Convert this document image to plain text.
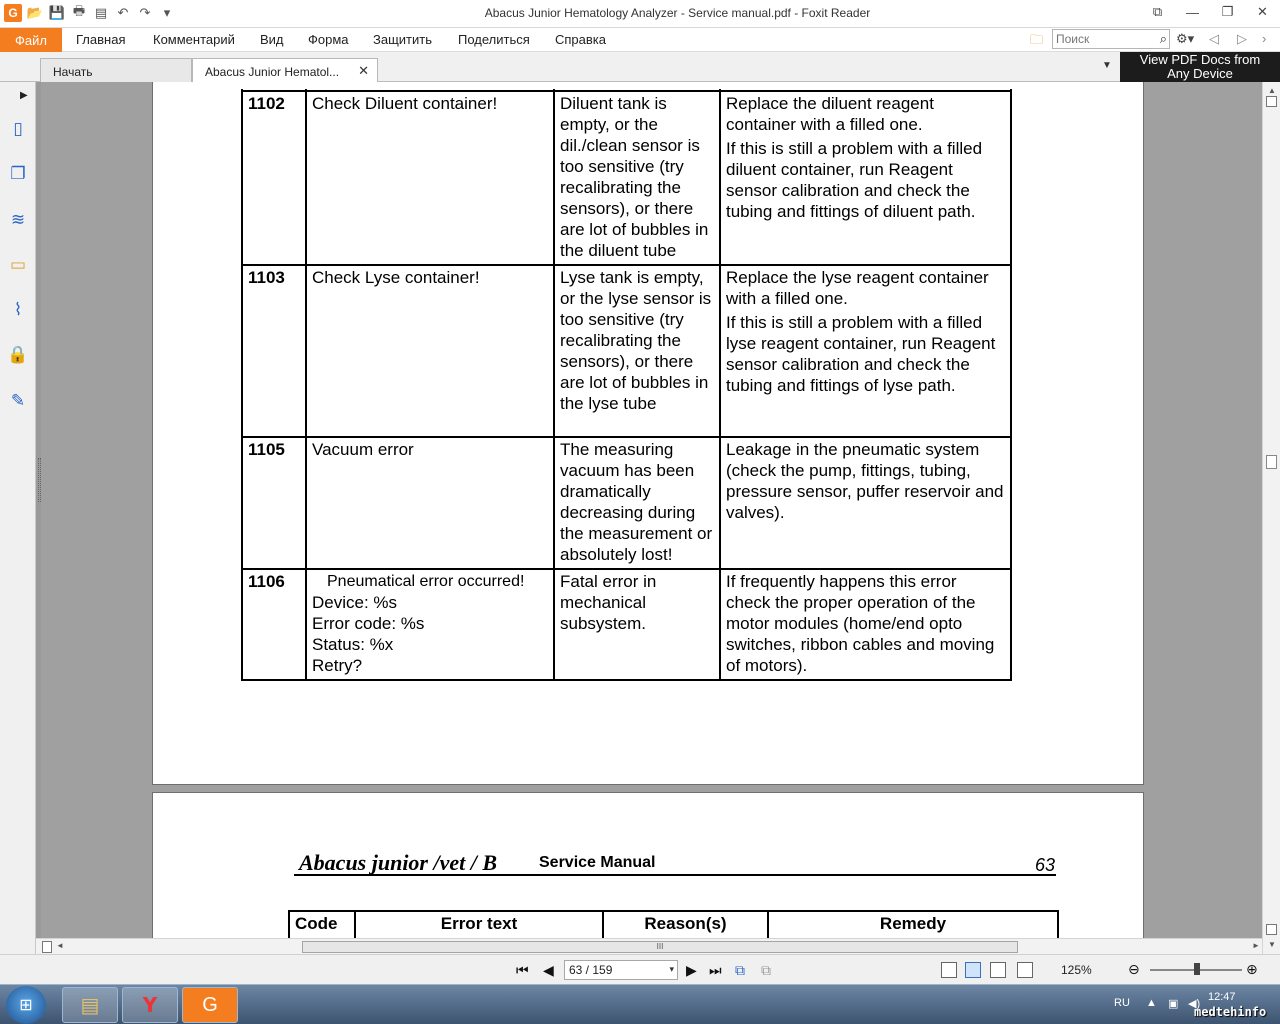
G 📂 💾 🖶 ▤ ↶ ↷	▾	Abacus Junior Hematology Analyzer - Service manual.pdf - Foxit Reader	⧉	—	❐	✕
Файл	Главная Комментарий Вид Форма Защитить Поделиться Справка	🗀
Поиск	⌕ ⚙▾ ◁ ▷ ›
Начать	Abacus Junior Hematol... ✕	▼	View PDF Docs from
Any Device
▶
▯
❐
≋
▭
⌇
🔒
✎

1102	Check Diluent container!	Diluent tank is empty, or the dil./clean sensor is too sensitive (try recalibrating the sensors), or there are lot of bubbles in the diluent tube	Replace the diluent reagent container with a filled one.
If this is still a problem with a filled diluent container, run Reagent sensor calibration and check the tubing and fittings of diluent path.

1103	Check Lyse container!	Lyse tank is empty, or the lyse sensor is too sensitive (try recalibrating the sensors), or there are lot of bubbles in the lyse tube	Replace the lyse reagent container with a filled one.
If this is still a problem with a filled lyse reagent container, run Reagent sensor calibration and check the tubing and fittings of lyse path.

1105	Vacuum error	The measuring vacuum has been dramatically decreasing during the measurement or absolutely lost!	Leakage in the pneumatic system (check the pump, fittings, tubing, pressure sensor, puffer reservoir and valves).

1106	Pneumatical error occurred!
Device: %s
Error code: %s
Status: %x
Retry?	Fatal error in mechanical subsystem.	If frequently happens this error check the proper operation of the motor modules (home/end opto switches, ribbon cables and moving of motors).
Abacus junior /vet / B	Service Manual	63
Code	Error text	Reason(s)	Remedy
▲
▼
◄	III	►
⏮ ◀	63 / 159	▾ ▶ ⏭ ⧉ ⧉	125%	⊖	⊕
⊞ ▤ Y G	RU ▲ ▣ ◀)
12:47
medtehinfo
